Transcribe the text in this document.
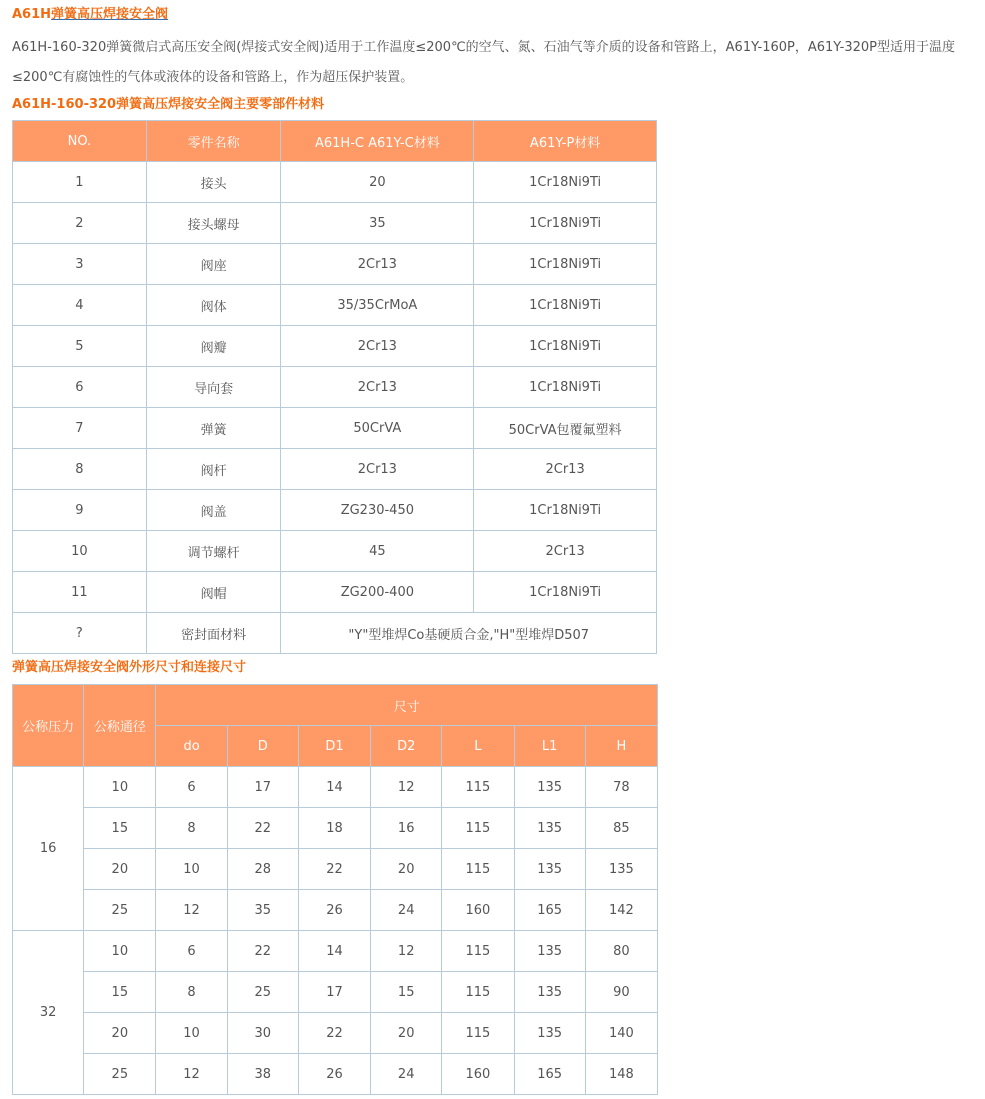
A61H弹簧高压焊接安全阀

A61H-160-320弹簧微启式高压安全阀(焊接式安全阀)适用于工作温度≤200℃的空气、氮、石油气等介质的设备和管路上，A61Y-160P，A61Y-320P型适用于温度 ≤200℃有腐蚀性的气体或液体的设备和管路上，作为超压保护装置。

A61H-160-320弹簧高压焊接安全阀主要零部件材料
NO.	零件名称	A61H-C A61Y-C材料	A61Y-P材料
1	接头	20	1Cr18Ni9Ti
2	接头螺母	35	1Cr18Ni9Ti
3	阀座	2Cr13	1Cr18Ni9Ti
4	阀体	35/35CrMoA	1Cr18Ni9Ti
5	阀瓣	2Cr13	1Cr18Ni9Ti
6	导向套	2Cr13	1Cr18Ni9Ti
7	弹簧	50CrVA	50CrVA包覆氟塑料
8	阀杆	2Cr13	2Cr13
9	阀盖	ZG230-450	1Cr18Ni9Ti
10	调节螺杆	45	2Cr13
11	阀帽	ZG200-400	1Cr18Ni9Ti
?	密封面材料	"Y"型堆焊Co基硬质合金,"H"型堆焊D507	
弹簧高压焊接安全阀外形尺寸和连接尺寸
公称压力	公称通径	尺寸						
		do	D	D1	D2	L	L1	H
16	10	6	17	14	12	115	135	78
	15	8	22	18	16	115	135	85
	20	10	28	22	20	115	135	135
	25	12	35	26	24	160	165	142
32	10	6	22	14	12	115	135	80
	15	8	25	17	15	115	135	90
	20	10	30	22	20	115	135	140
	25	12	38	26	24	160	165	148
